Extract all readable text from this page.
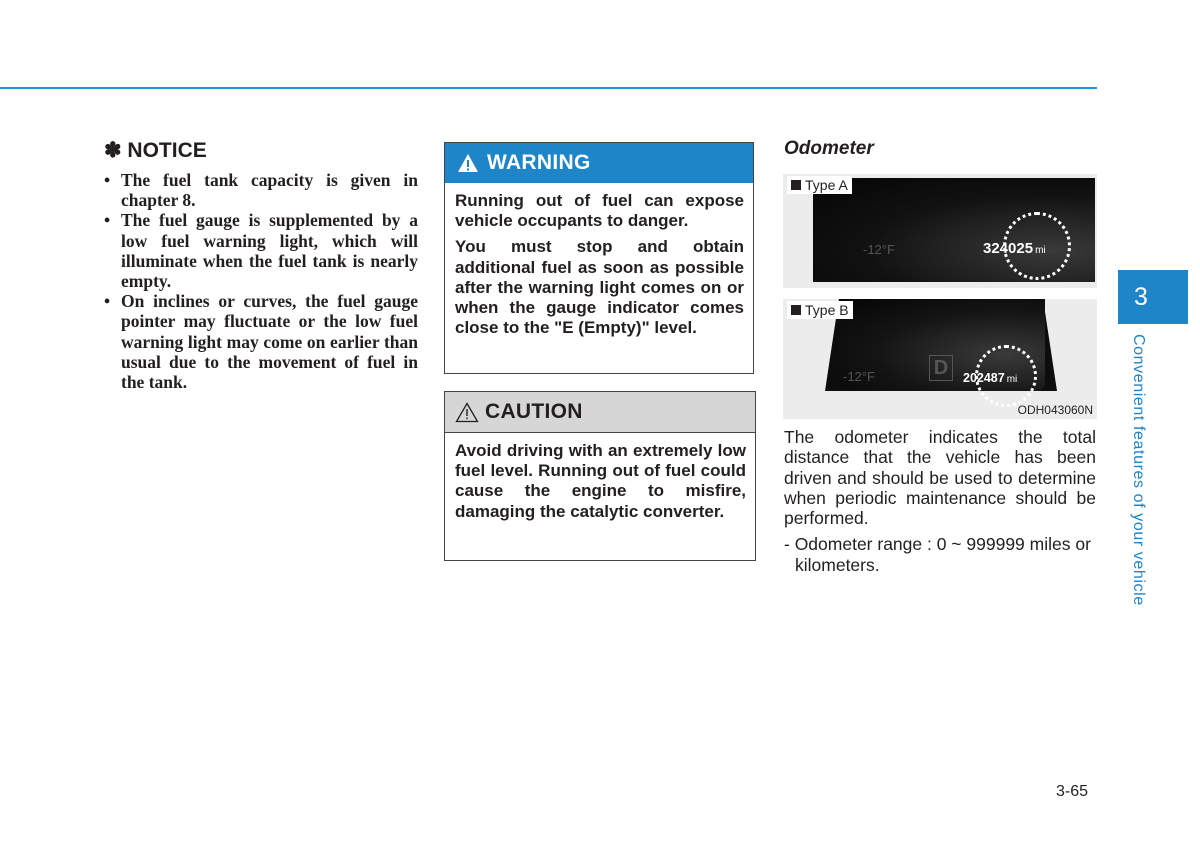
✽ NOTICE
• The fuel tank capacity is given in chapter 8.
• The fuel gauge is supplemented by a low fuel warning light, which will illuminate when the fuel tank is nearly empty.
• On inclines or curves, the fuel gauge pointer may fluctuate or the low fuel warning light may come on earlier than usual due to the movement of fuel in the tank.
WARNING

Running out of fuel can expose vehicle occupants to danger.

You must stop and obtain additional fuel as soon as possible after the warning light comes on or when the gauge indicator comes close to the "E (Empty)" level.

CAUTION

Avoid driving with an extremely low fuel level. Running out of fuel could cause the engine to misfire, damaging the catalytic converter.

Odometer
-12°F	324025 mi
Type A
-12°F	D	202487 mi
Type B
ODH043060N

The odometer indicates the total distance that the vehicle has been driven and should be used to determine when periodic maintenance should be performed.

- Odometer range : 0 ~ 999999 miles or kilometers.

3
Convenient features of your vehicle
3-65
